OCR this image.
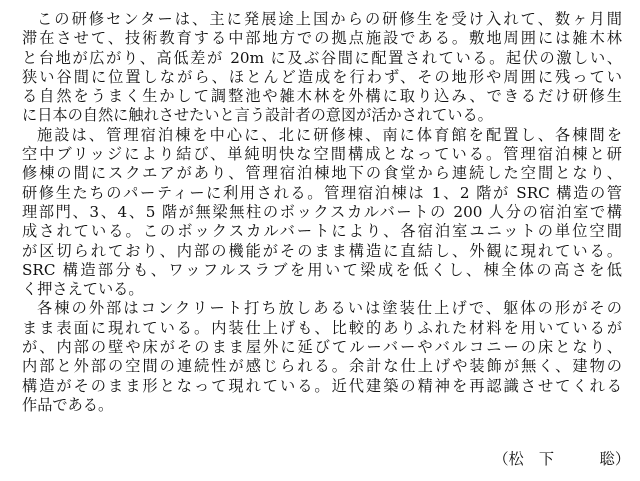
この研修センターは、主に発展途上国からの研修生を受け入れて、数ヶ月間
滞在させて、技術教育する中部地方での拠点施設である。敷地周囲には雑木林
と台地が広がり、高低差が 20m に及ぶ谷間に配置されている。起伏の激しい、
狭い谷間に位置しながら、ほとんど造成を行わず、その地形や周囲に残ってい
る自然をうまく生かして調整池や雑木林を外構に取り込み、できるだけ研修生
に日本の自然に触れさせたいと言う設計者の意図が活かされている。
施設は、管理宿泊棟を中心に、北に研修棟、南に体育館を配置し、各棟間を
空中ブリッジにより結び、単純明快な空間構成となっている。管理宿泊棟と研
修棟の間にスクエアがあり、管理宿泊棟地下の食堂から連続した空間となり、
研修生たちのパーティーに利用される。管理宿泊棟は 1、2 階が SRC 構造の管
理部門、3、4、5 階が無梁無柱のボックスカルバートの 200 人分の宿泊室で構
成されている。このボックスカルバートにより、各宿泊室ユニットの単位空間
が区切られており、内部の機能がそのまま構造に直結し、外観に現れている。
SRC 構造部分も、ワッフルスラブを用いて梁成を低くし、棟全体の高さを低
く押さえている。
各棟の外部はコンクリート打ち放しあるいは塗装仕上げで、躯体の形がその
まま表面に現れている。内装仕上げも、比較的ありふれた材料を用いているが
が、内部の壁や床がそのまま屋外に延びてルーバーやバルコニーの床となり、
内部と外部の空間の連続性が感じられる。余計な仕上げや装飾が無く、建物の
構造がそのまま形となって現れている。近代建築の精神を再認識させてくれる
作品である。
（松　下　　　聡）
